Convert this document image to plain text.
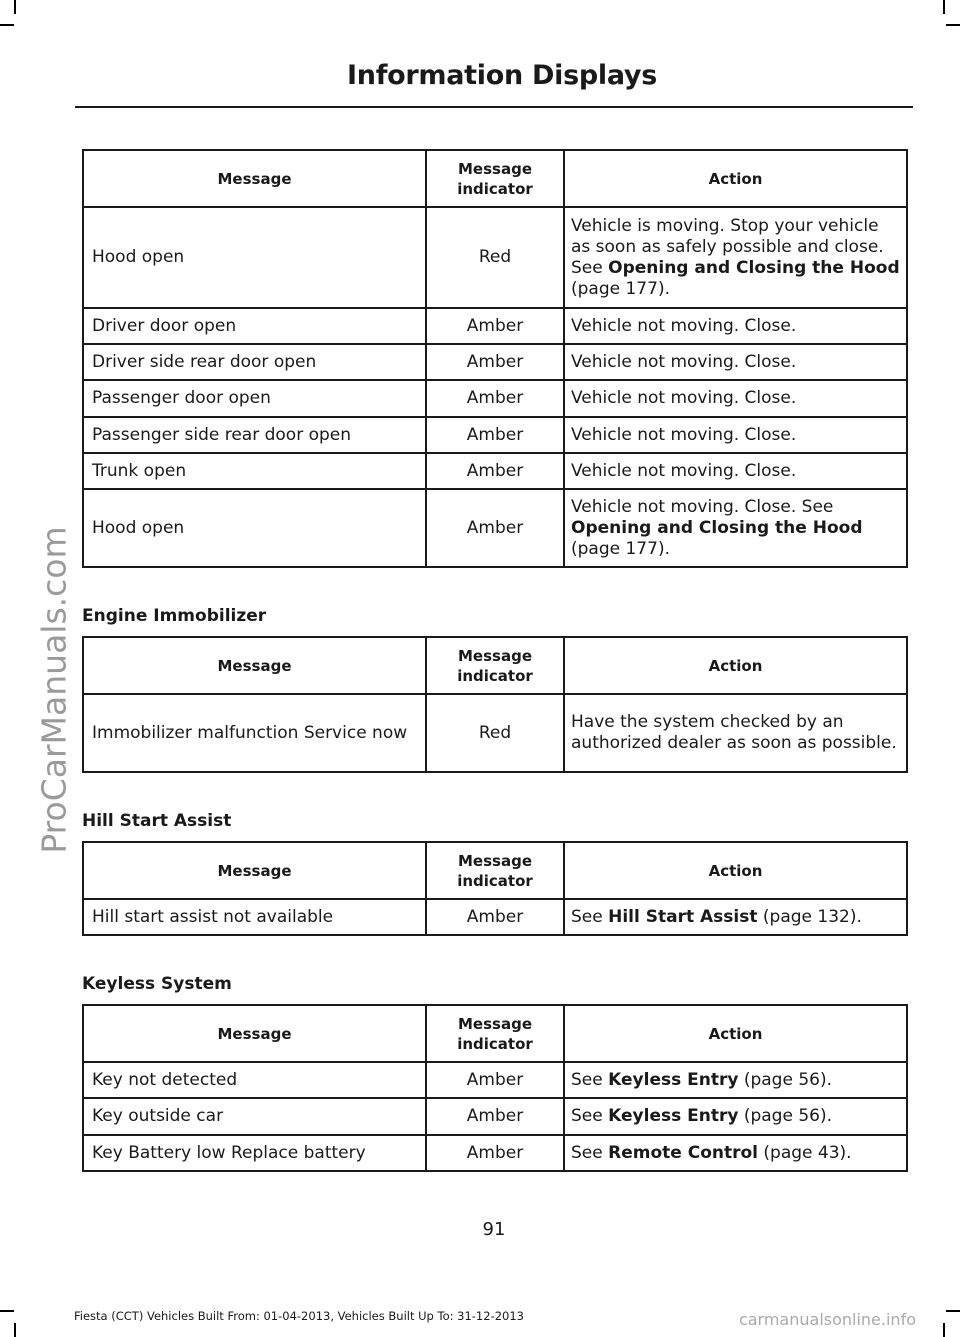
Information Displays
ProCarManuals.com
Message	Message indicator	Action
Hood open	Red	Vehicle is moving. Stop your vehicle as soon as safely possible and close. See Opening and Closing the Hood (page 177).
Driver door open	Amber	Vehicle not moving. Close.
Driver side rear door open	Amber	Vehicle not moving. Close.
Passenger door open	Amber	Vehicle not moving. Close.
Passenger side rear door open	Amber	Vehicle not moving. Close.
Trunk open	Amber	Vehicle not moving. Close.
Hood open	Amber	Vehicle not moving. Close. See Opening and Closing the Hood (page 177).
Engine Immobilizer
Message	Message indicator	Action
Immobilizer malfunction Service now	Red	Have the system checked by an authorized dealer as soon as possible.
Hill Start Assist
Message	Message indicator	Action
Hill start assist not available	Amber	See Hill Start Assist (page 132).
Keyless System
Message	Message indicator	Action
Key not detected	Amber	See Keyless Entry (page 56).
Key outside car	Amber	See Keyless Entry (page 56).
Key Battery low Replace battery	Amber	See Remote Control (page 43).
91
Fiesta (CCT) Vehicles Built From: 01-04-2013, Vehicles Built Up To: 31-12-2013	carmanualsonline.info
